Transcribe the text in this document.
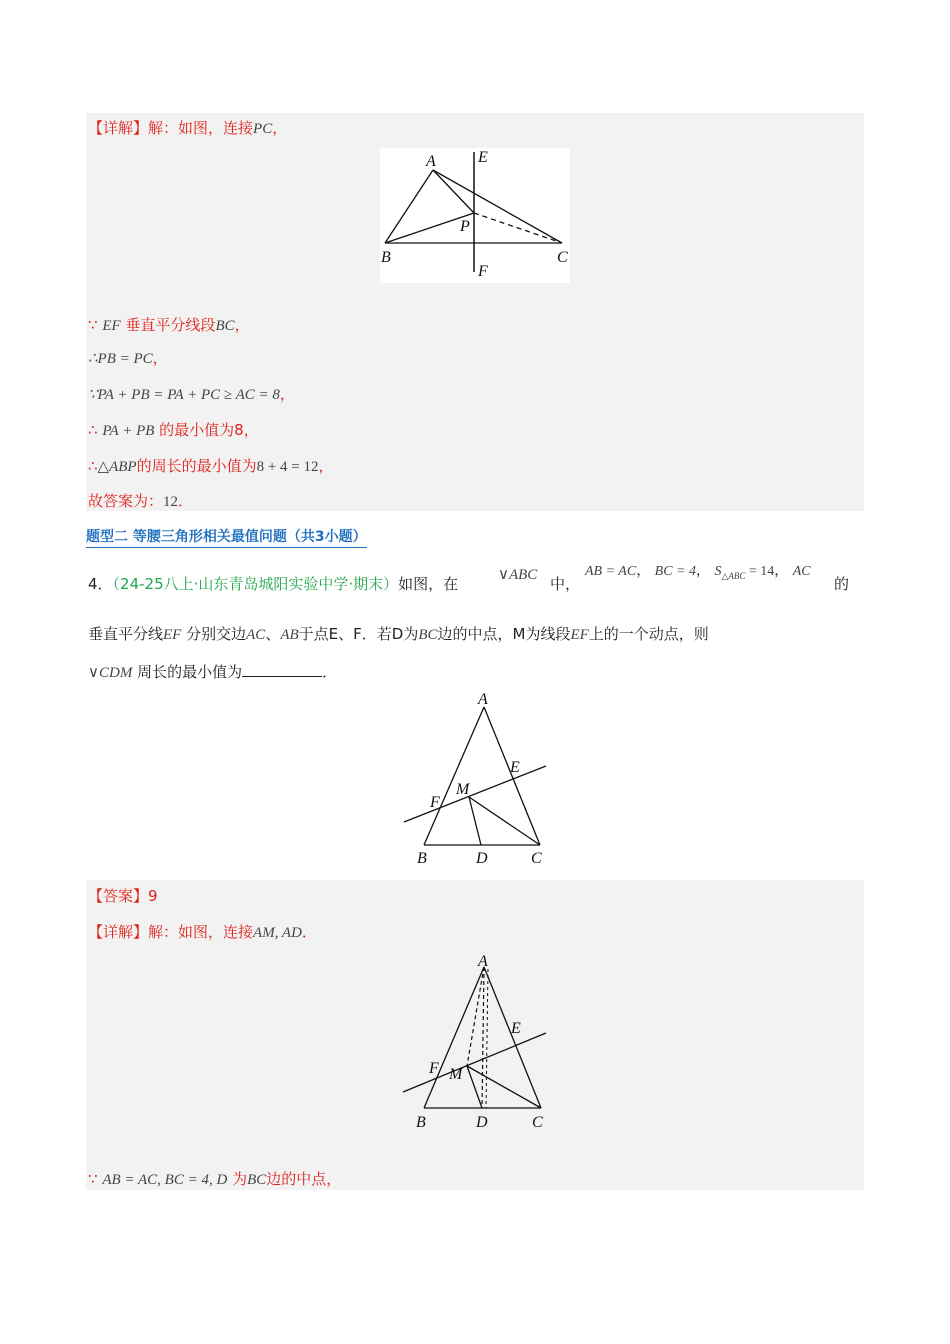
【详解】解：如图，连接PC，
A	E
P
B	C
F
∵ EF 垂直平分线段BC，
∴PB = PC，
∵PA + PB = PA + PC ≥ AC = 8，
∴ PA + PB 的最小值为8，
∴△ABP的周长的最小值为8 + 4 = 12，
故答案为：12．
题型二 等腰三角形相关最值问题（共3小题）
4．（24-25八上·山东青岛城阳实验中学·期末）如图，在	∨ABC 中，
AB = AC， BC = 4， $S_{\triangle ABC} = 14$， AC
的
垂直平分线EF 分别交边AC、AB于点E、F．若D为BC边的中点，M为线段EF上的一个动点，则
∨CDM 周长的最小值为	．
A
E
M
F
B	D	C
【答案】9
【详解】解：如图，连接AM, AD．
A
E
F M
B	D	C
∵ AB = AC, BC = 4, D 为BC边的中点，
